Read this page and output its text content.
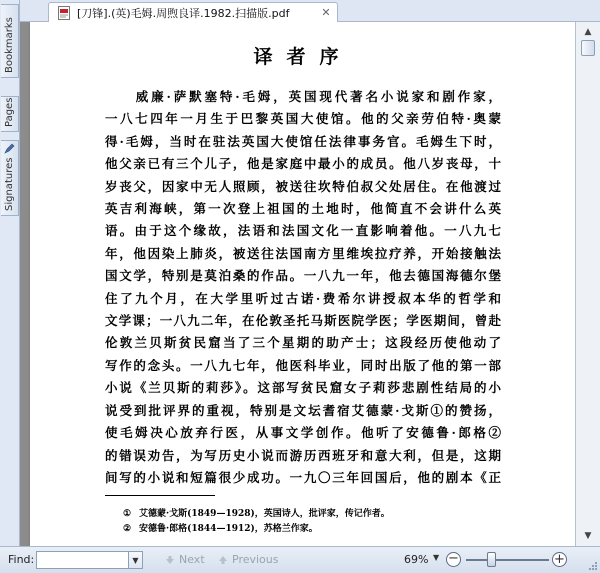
Bookmarks
Pages
Signatures
[刀锋].(英)毛姆.周煦良译.1982.扫描版.pdf	✕
译者序
　　威廉·萨默塞特·毛姆，英国现代著名小说家和剧作家，
一八七四年一月生于巴黎英国大使馆。他的父亲劳伯特·奥蒙
得·毛姆，当时在驻法英国大使馆任法律事务官。毛姆生下时，
他父亲已有三个儿子，他是家庭中最小的成员。他八岁丧母，十
岁丧父，因家中无人照顾，被送往坎特伯叔父处居住。在他渡过
英吉利海峡，第一次登上祖国的土地时，他简直不会讲什么英
语。由于这个缘故，法语和法国文化一直影响着他。一八九七
年，他因染上肺炎，被送往法国南方里维埃拉疗养，开始接触法
国文学，特别是莫泊桑的作品。一八九一年，他去德国海德尔堡
住了九个月，在大学里听过古诺·费希尔讲授叔本华的哲学和
文学课；一八九二年，在伦敦圣托马斯医院学医；学医期间，曾赴
伦敦兰贝斯贫民窟当了三个星期的助产士；这段经历使他动了
写作的念头。一八九七年，他医科毕业，同时出版了他的第一部
小说《兰贝斯的莉莎》。这部写贫民窟女子莉莎悲剧性结局的小
说受到批评界的重视，特别是文坛耆宿艾德蒙·戈斯①的赞扬，
使毛姆决心放弃行医，从事文学创作。他听了安德鲁·郎格②
的错误劝告，为写历史小说而游历西班牙和意大利，但是，这期
间写的小说和短篇很少成功。一九〇三年回国后，他的剧本《正
① 艾德蒙·戈斯(1849—1928)，英国诗人，批评家，传记作者。
② 安德鲁·郎格(1844—1912)，苏格兰作家。
▲
▼
Find:	▼	Next Previous	69% ▼ −	+
